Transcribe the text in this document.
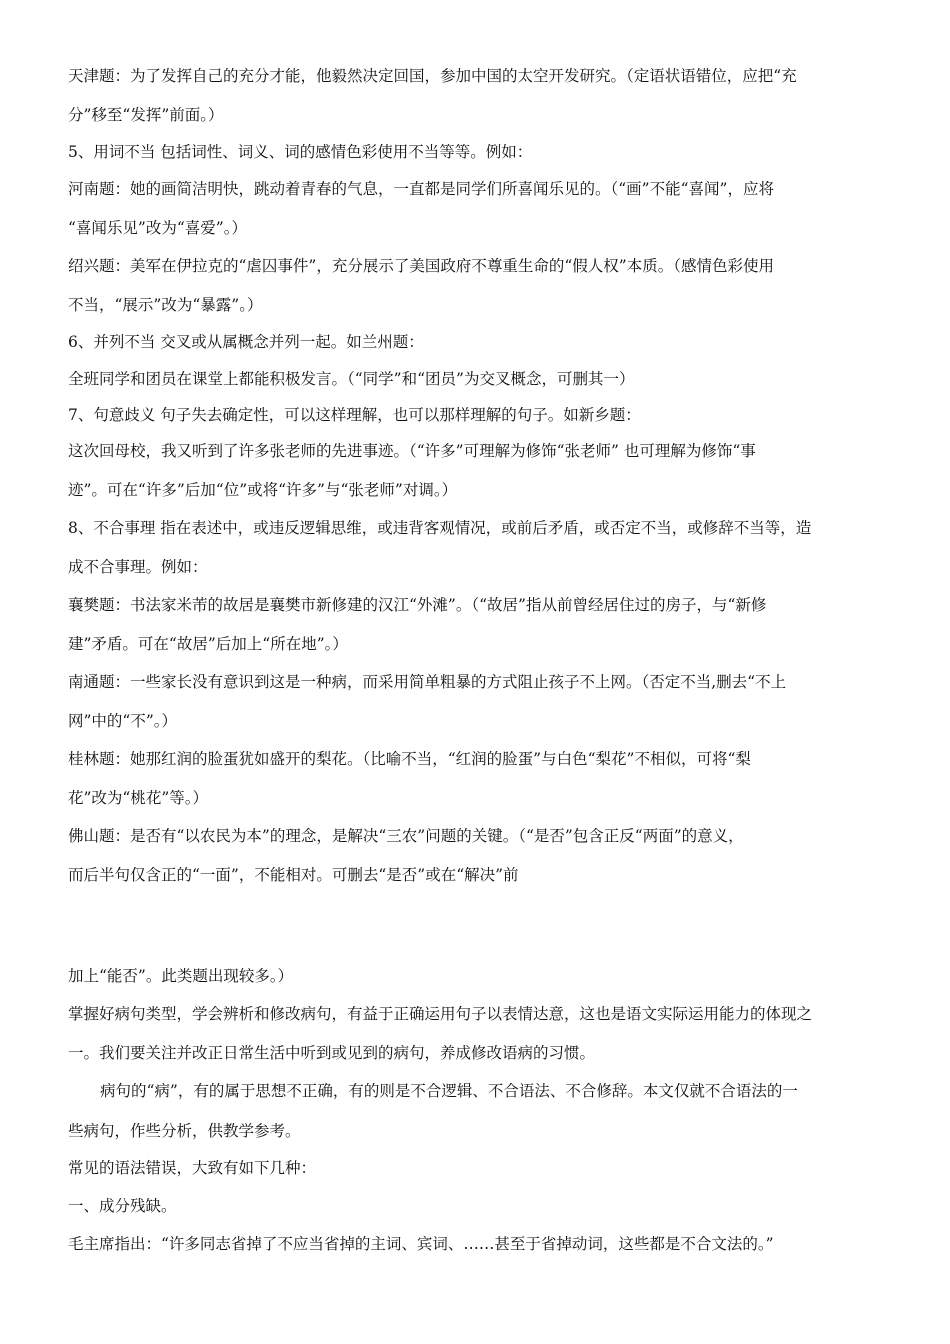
天津题：为了发挥自己的充分才能，他毅然决定回国，参加中国的太空开发研究。（定语状语错位，应把“充
分”移至“发挥”前面。）
5、用词不当 包括词性、词义、词的感情色彩使用不当等等。例如：
河南题：她的画简洁明快，跳动着青春的气息，一直都是同学们所喜闻乐见的。（“画”不能“喜闻”，应将
“喜闻乐见”改为“喜爱”。）
绍兴题：美军在伊拉克的“虐囚事件”，充分展示了美国政府不尊重生命的“假人权”本质。（感情色彩使用
不当，“展示”改为“暴露”。）
6、并列不当 交叉或从属概念并列一起。如兰州题：
全班同学和团员在课堂上都能积极发言。（“同学”和“团员”为交叉概念，可删其一）
7、句意歧义 句子失去确定性，可以这样理解，也可以那样理解的句子。如新乡题：
这次回母校，我又听到了许多张老师的先进事迹。（“许多”可理解为修饰“张老师” 也可理解为修饰“事
迹”。可在“许多”后加“位”或将“许多”与“张老师”对调。）
8、不合事理 指在表述中，或违反逻辑思维，或违背客观情况，或前后矛盾，或否定不当，或修辞不当等，造
成不合事理。例如：
襄樊题：书法家米芾的故居是襄樊市新修建的汉江“外滩”。（“故居”指从前曾经居住过的房子，与“新修
建”矛盾。可在“故居”后加上“所在地”。）
南通题：一些家长没有意识到这是一种病，而采用简单粗暴的方式阻止孩子不上网。（否定不当,删去“不上
网”中的“不”。）
桂林题：她那红润的脸蛋犹如盛开的梨花。（比喻不当，“红润的脸蛋”与白色“梨花”不相似，可将“梨
花”改为“桃花”等。）
佛山题：是否有“以农民为本”的理念，是解决“三农”问题的关键。（“是否”包含正反“两面”的意义，
而后半句仅含正的“一面”，不能相对。可删去“是否”或在“解决”前
加上“能否”。此类题出现较多。）
掌握好病句类型，学会辨析和修改病句，有益于正确运用句子以表情达意，这也是语文实际运用能力的体现之
一。我们要关注并改正日常生活中听到或见到的病句，养成修改语病的习惯。
病句的“病”，有的属于思想不正确，有的则是不合逻辑、不合语法、不合修辞。本文仅就不合语法的一
些病句，作些分析，供教学参考。
常见的语法错误，大致有如下几种：
一、成分残缺。
毛主席指出：“许多同志省掉了不应当省掉的主词、宾词、……甚至于省掉动词，这些都是不合文法的。”
